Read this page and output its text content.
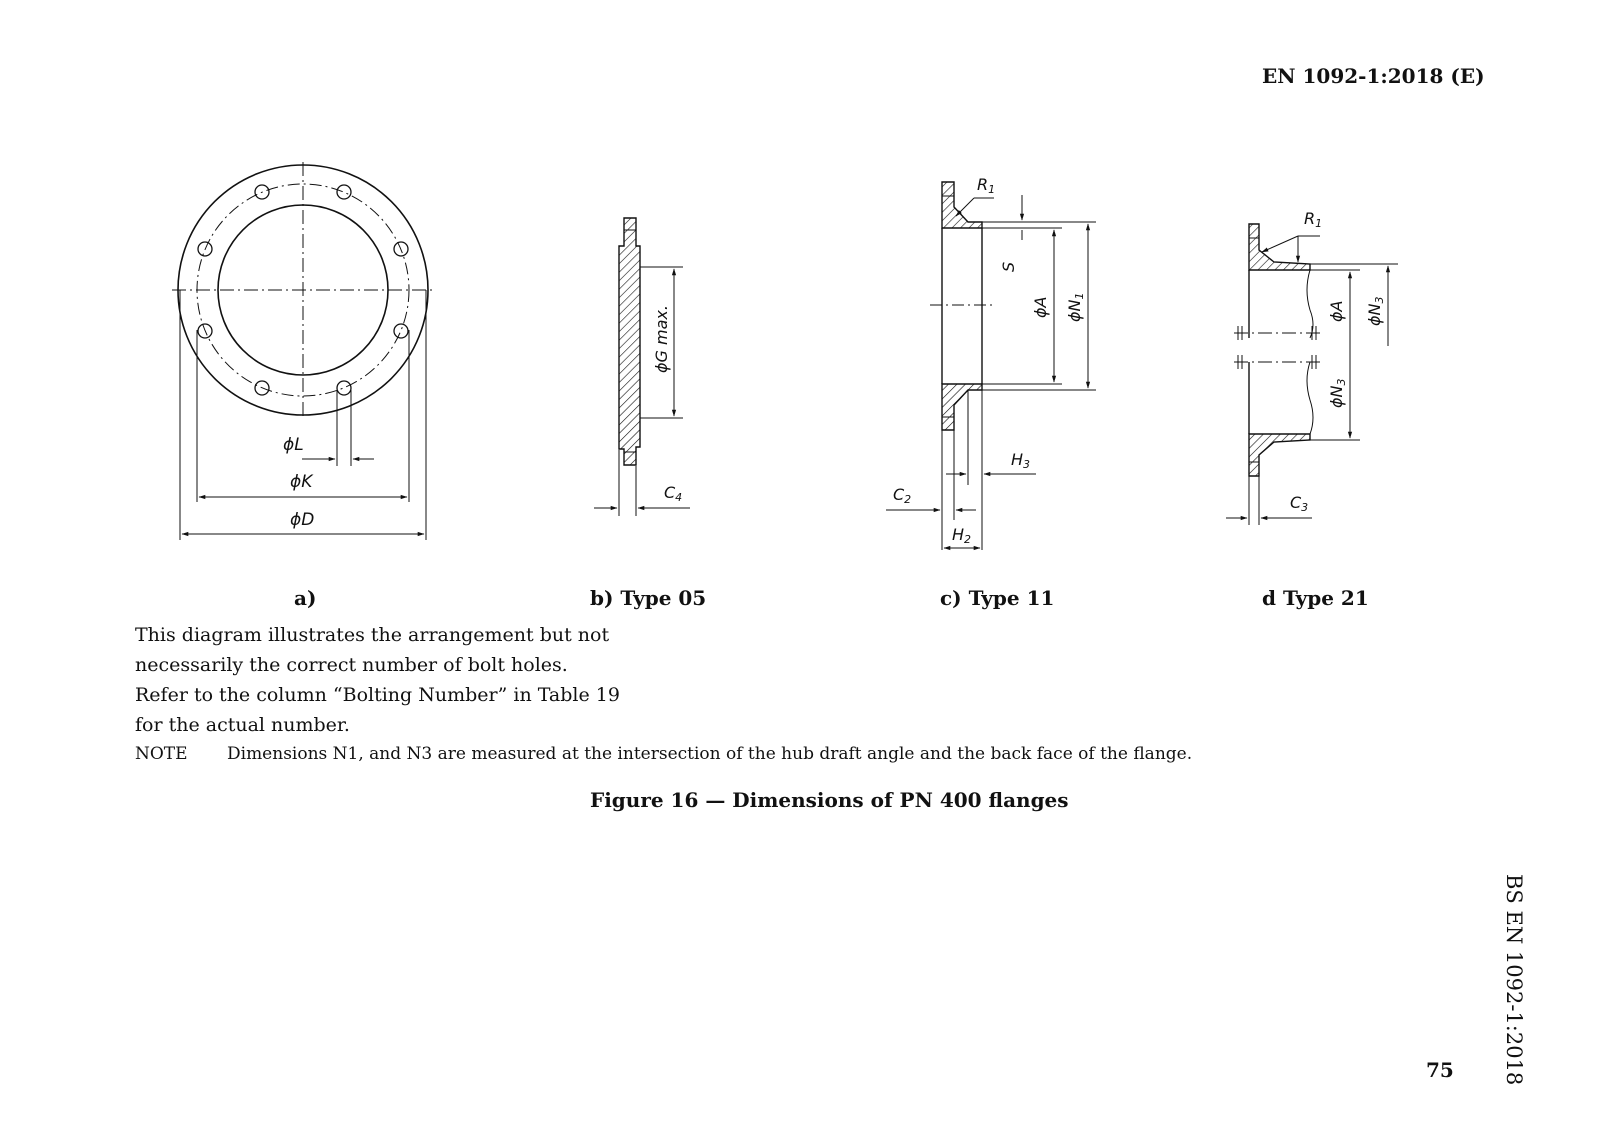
EN 1092-1:2018 (E)
BS EN 1092-1:2018
ϕL
ϕK
ϕD
ϕG max.
C4
R1
S
ϕA ϕN1
H3
C2
H2
R1
ϕA ϕN3
ϕN3
C3
a)	b) Type 05	c) Type 11	d Type 21
This diagram illustrates the arrangement but not
necessarily the correct number of bolt holes.
Refer to the column “Bolting Number” in Table 19
for the actual number.
NOTE Dimensions N1, and N3 are measured at the intersection of the hub draft angle and the back face of the flange.
Figure 16 — Dimensions of PN 400 flanges
75
